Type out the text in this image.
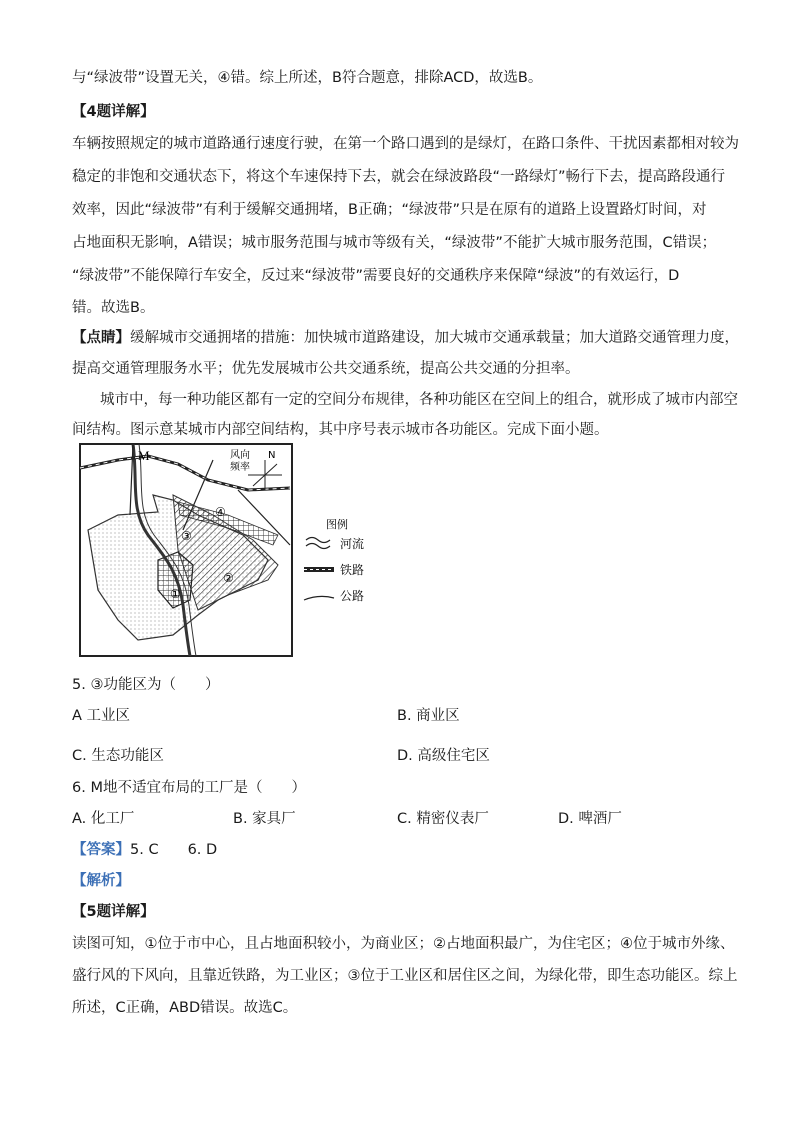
与“绿波带”设置无关，④错。综上所述，B符合题意，排除ACD，故选B。
【4题详解】
车辆按照规定的城市道路通行速度行驶，在第一个路口遇到的是绿灯，在路口条件、干扰因素都相对较为
稳定的非饱和交通状态下，将这个车速保持下去，就会在绿波路段“一路绿灯”畅行下去，提高路段通行
效率，因此“绿波带”有利于缓解交通拥堵，B正确；“绿波带”只是在原有的道路上设置路灯时间，对
占地面积无影响，A错误；城市服务范围与城市等级有关，“绿波带”不能扩大城市服务范围，C错误；
“绿波带”不能保障行车安全，反过来“绿波带”需要良好的交通秩序来保障“绿波”的有效运行，D
错。故选B。
【点睛】缓解城市交通拥堵的措施：加快城市道路建设，加大城市交通承载量；加大道路交通管理力度，
提高交通管理服务水平；优先发展城市公共交通系统，提高公共交通的分担率。
城市中，每一种功能区都有一定的空间分布规律，各种功能区在空间上的组合，就形成了城市内部空
间结构。图示意某城市内部空间结构，其中序号表示城市各功能区。完成下面小题。
M
①
②
③
④
风向
频率
N
图例
河流
铁路
公路
5. ③功能区为（　　）
A 工业区	B. 商业区
C. 生态功能区	D. 高级住宅区
6. M地不适宜布局的工厂是（　　）
A. 化工厂	B. 家具厂	C. 精密仪表厂	D. 啤酒厂
【答案】5. C　　6. D
【解析】
【5题详解】
读图可知，①位于市中心，且占地面积较小，为商业区；②占地面积最广，为住宅区；④位于城市外缘、
盛行风的下风向，且靠近铁路，为工业区；③位于工业区和居住区之间，为绿化带，即生态功能区。综上
所述，C正确，ABD错误。故选C。
